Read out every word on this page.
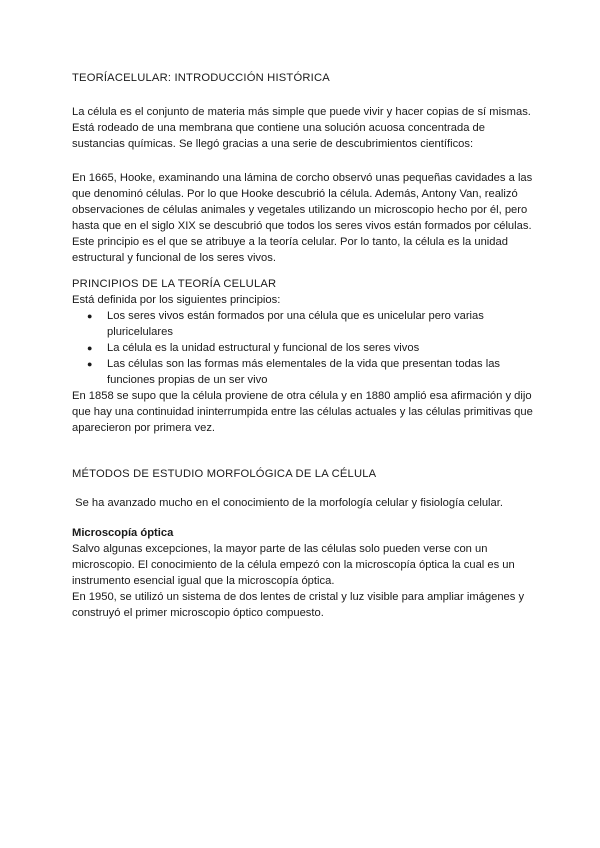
TEORÍACELULAR: INTRODUCCIÓN HISTÓRICA

La célula es el conjunto de materia más simple que puede vivir y hacer copias de sí mismas. Está rodeado de una membrana que contiene una solución acuosa concentrada de sustancias químicas. Se llegó gracias a una serie de descubrimientos científicos:

En 1665, Hooke, examinando una lámina de corcho observó unas pequeñas cavidades a las que denominó células. Por lo que Hooke descubrió la célula. Además, Antony Van, realizó observaciones de células animales y vegetales utilizando un microscopio hecho por él, pero hasta que en el siglo XIX se descubrió que todos los seres vivos están formados por células. Este principio es el que se atribuye a la teoría celular. Por lo tanto, la célula es la unidad estructural y funcional de los seres vivos.

PRINCIPIOS DE LA TEORÍA CELULAR

Está definida por los siguientes principios:

● Los seres vivos están formados por una célula que es unicelular pero varias pluricelulares
● La célula es la unidad estructural y funcional de los seres vivos
● Las células son las formas más elementales de la vida que presentan todas las funciones propias de un ser vivo

En 1858 se supo que la célula proviene de otra célula y en 1880 amplió esa afirmación y dijo que hay una continuidad ininterrumpida entre las células actuales y las células primitivas que aparecieron por primera vez.

MÉTODOS DE ESTUDIO MORFOLÓGICA DE LA CÉLULA

Se ha avanzado mucho en el conocimiento de la morfología celular y fisiología celular.

Microscopía óptica

Salvo algunas excepciones, la mayor parte de las células solo pueden verse con un microscopio. El conocimiento de la célula empezó con la microscopía óptica la cual es un instrumento esencial igual que la microscopía óptica.

En 1950, se utilizó un sistema de dos lentes de cristal y luz visible para ampliar imágenes y construyó el primer microscopio óptico compuesto.
